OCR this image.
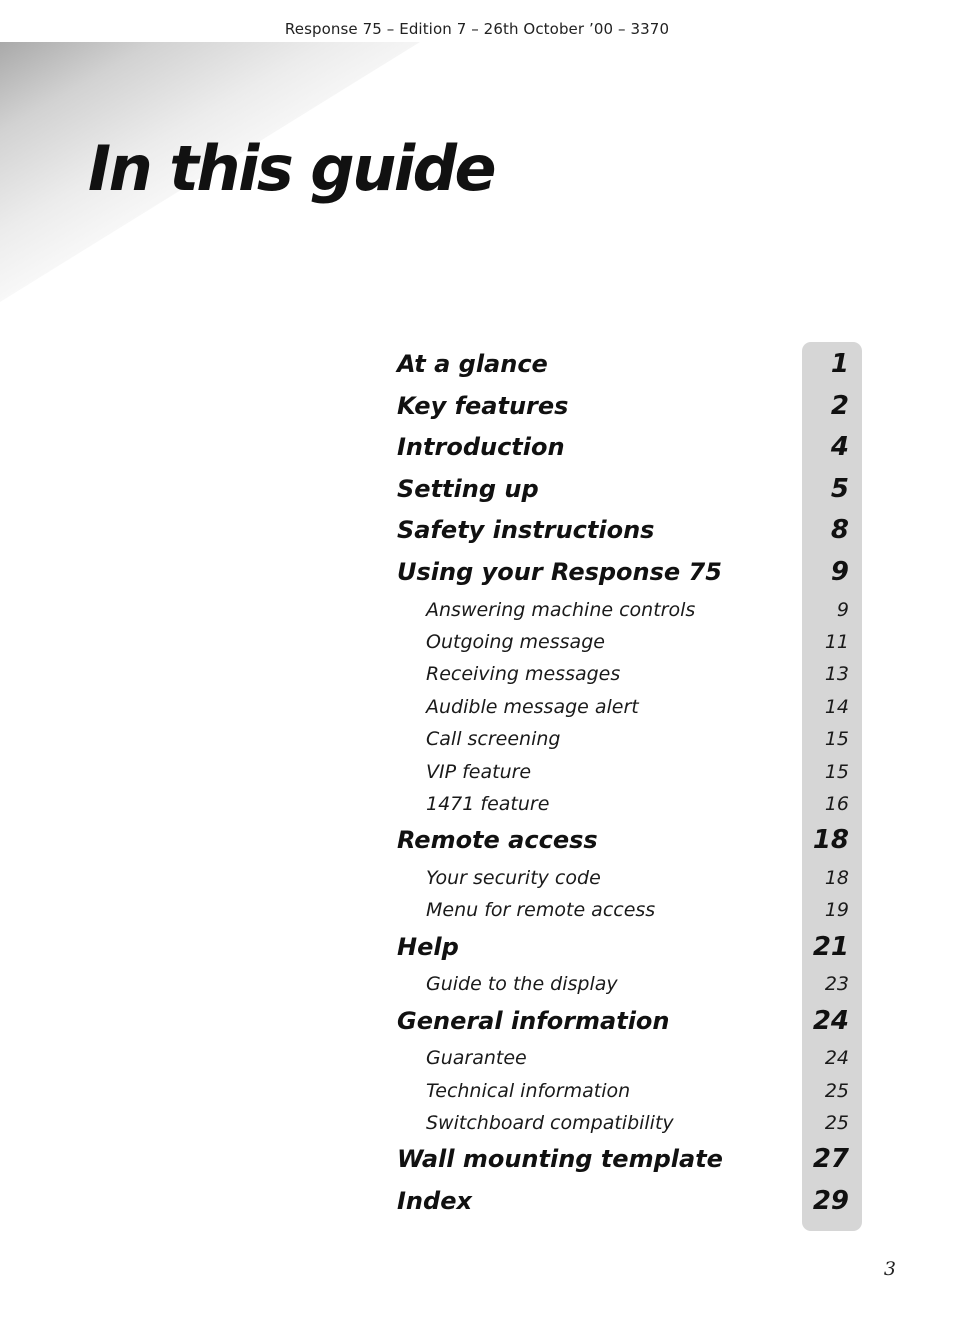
Response 75 – Edition 7 – 26th October ’00 – 3370
In this guide
At a glance	1
Key features	2
Introduction	4
Setting up	5
Safety instructions	8
Using your Response 75	9
Answering machine controls	9
Outgoing message	11
Receiving messages	13
Audible message alert	14
Call screening	15
VIP feature	15
1471 feature	16
Remote access	18
Your security code	18
Menu for remote access	19
Help	21
Guide to the display	23
General information	24
Guarantee	24
Technical information	25
Switchboard compatibility	25
Wall mounting template	27
Index	29
3
